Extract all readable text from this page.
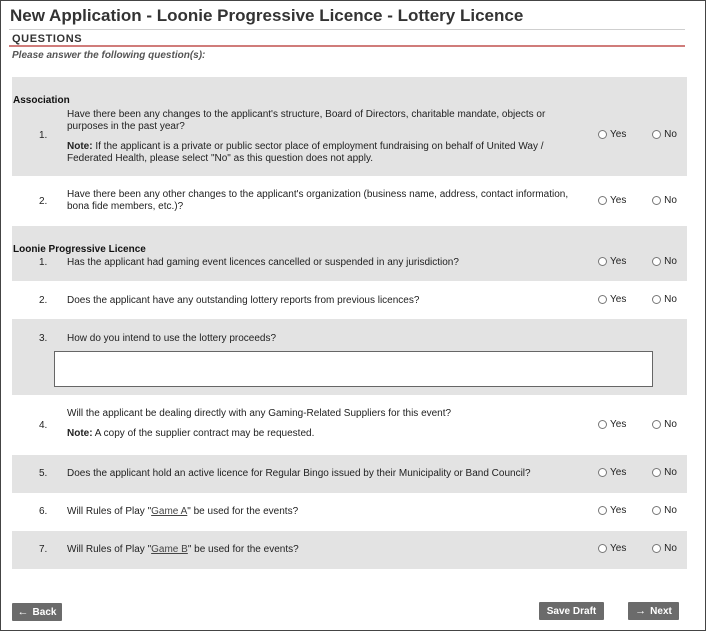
New Application - Loonie Progressive Licence - Lottery Licence
QUESTIONS
Please answer the following question(s):
Association
1.
Have there been any changes to the applicant's structure, Board of Directors, charitable mandate, objects or purposes in the past year?
Note: If the applicant is a private or public sector place of employment fundraising on behalf of United Way / Federated Health, please select "No" as this question does not apply.
Yes	No
2.
Have there been any other changes to the applicant's organization (business name, address, contact information, bona fide members, etc.)?
Yes	No
Loonie Progressive Licence
1. Has the applicant had gaming event licences cancelled or suspended in any jurisdiction?	Yes	No
2. Does the applicant have any outstanding lottery reports from previous licences?	Yes	No
3. How do you intend to use the lottery proceeds?
4.
Will the applicant be dealing directly with any Gaming-Related Suppliers for this event?
Note: A copy of the supplier contract may be requested.
Yes	No
5. Does the applicant hold an active licence for Regular Bingo issued by their Municipality or Band Council?	Yes	No
6. Will Rules of Play "Game A" be used for the events?	Yes	No
7. Will Rules of Play "Game B" be used for the events?	Yes	No
← Back	Save Draft	→ Next
